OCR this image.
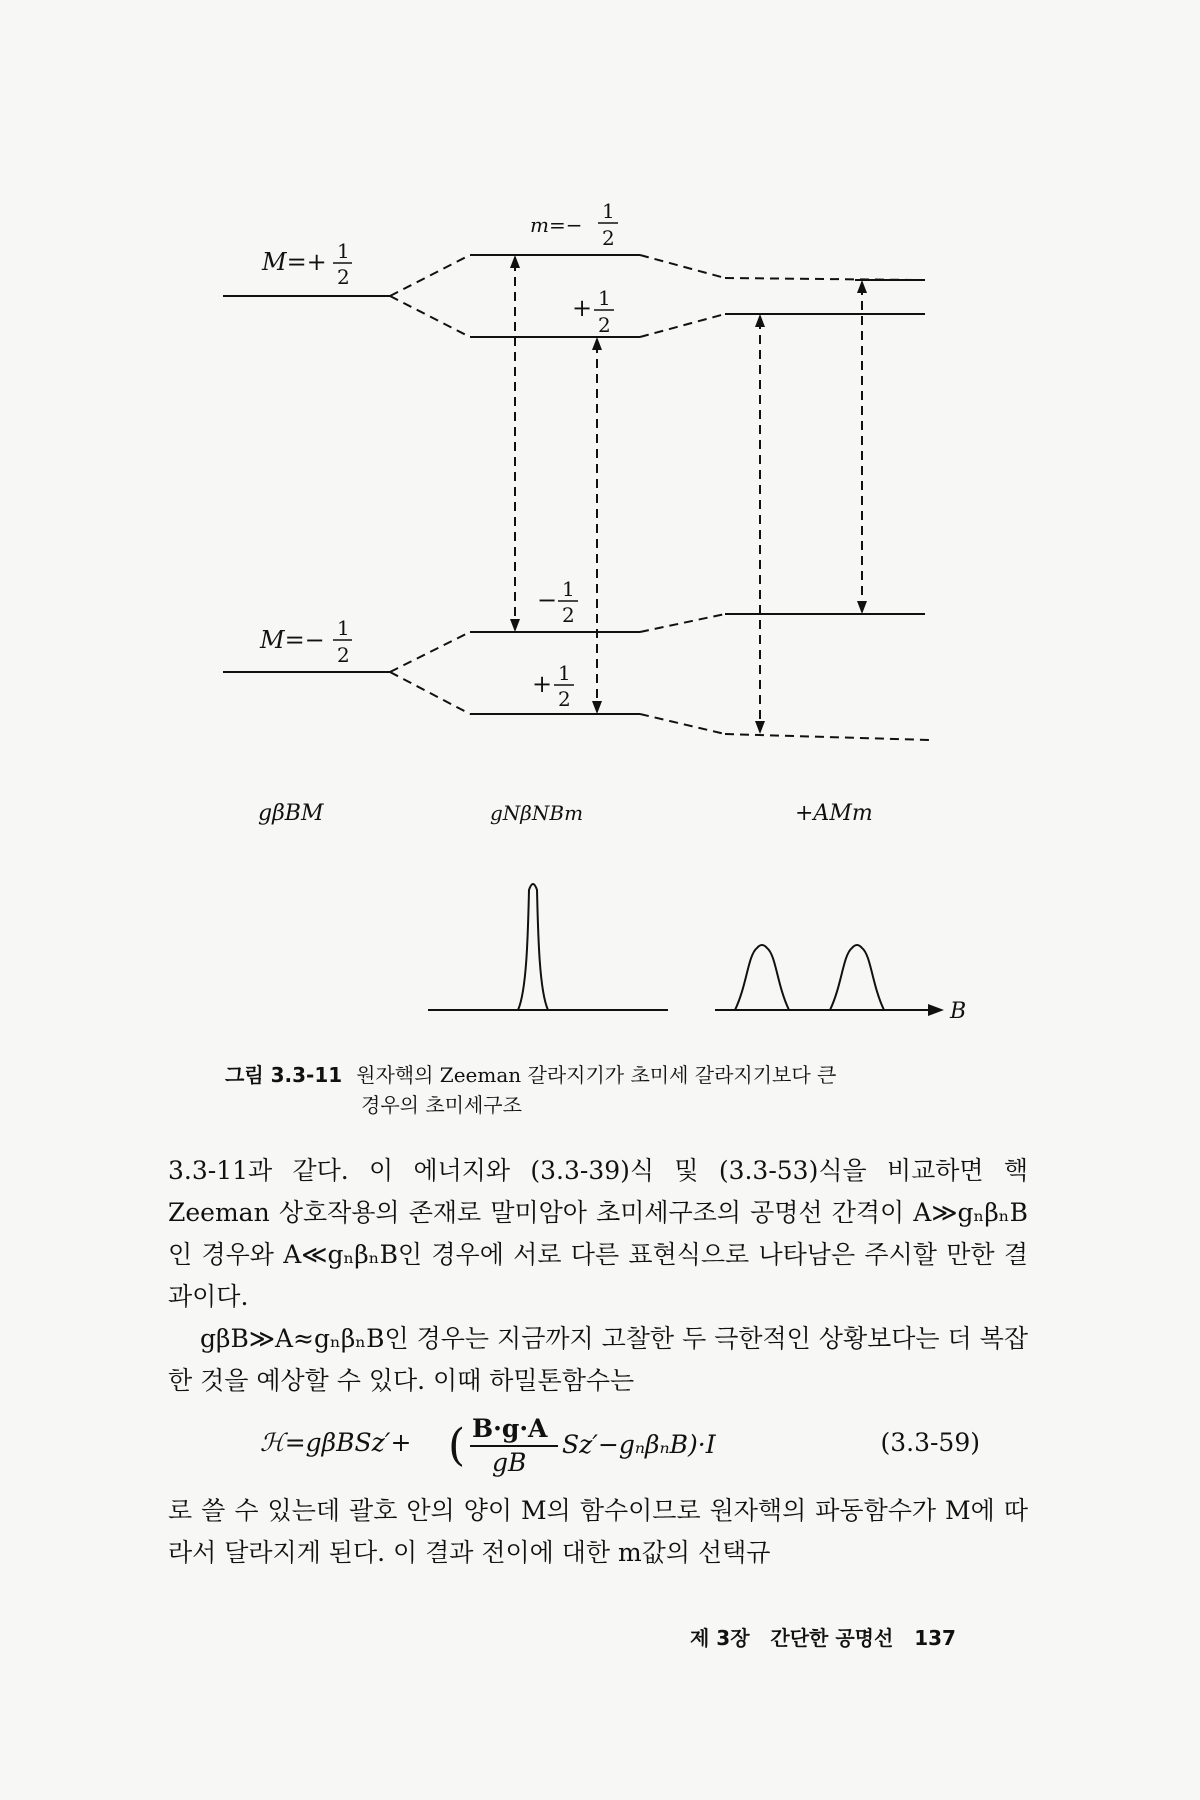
M=+ 1
2
M=− 1
2
m=−
1
2
+ 1
2
− 1
2
+ 1
2
gβBM	gNβNBm	+AMm
B
그림 3.3-11 원자핵의 Zeeman 갈라지기가 초미세 갈라지기보다 큰
경우의 초미세구조
3.3-11과 같다. 이 에너지와 (3.3-39)식 및 (3.3-53)식을 비교하면 핵 Zeeman 상호작용의 존재로 말미암아 초미세구조의 공명선 간격이 A≫gₙβₙB인 경우와 A≪gₙβₙB인 경우에 서로 다른 표현식으로 나타남은 주시할 만한 결과이다.
gβB≫A≈gₙβₙB인 경우는 지금까지 고찰한 두 극한적인 상황보다는 더 복잡한 것을 예상할 수 있다. 이때 하밀톤함수는
ℋ=gβBSz′+ ( B·g·A
gB
Sz′−gₙβₙB)·I	(3.3-59)
로 쓸 수 있는데 괄호 안의 양이 M의 함수이므로 원자핵의 파동함수가 M에 따라서 달라지게 된다. 이 결과 전이에 대한 m값의 선택규
제 3장 간단한 공명선 137
